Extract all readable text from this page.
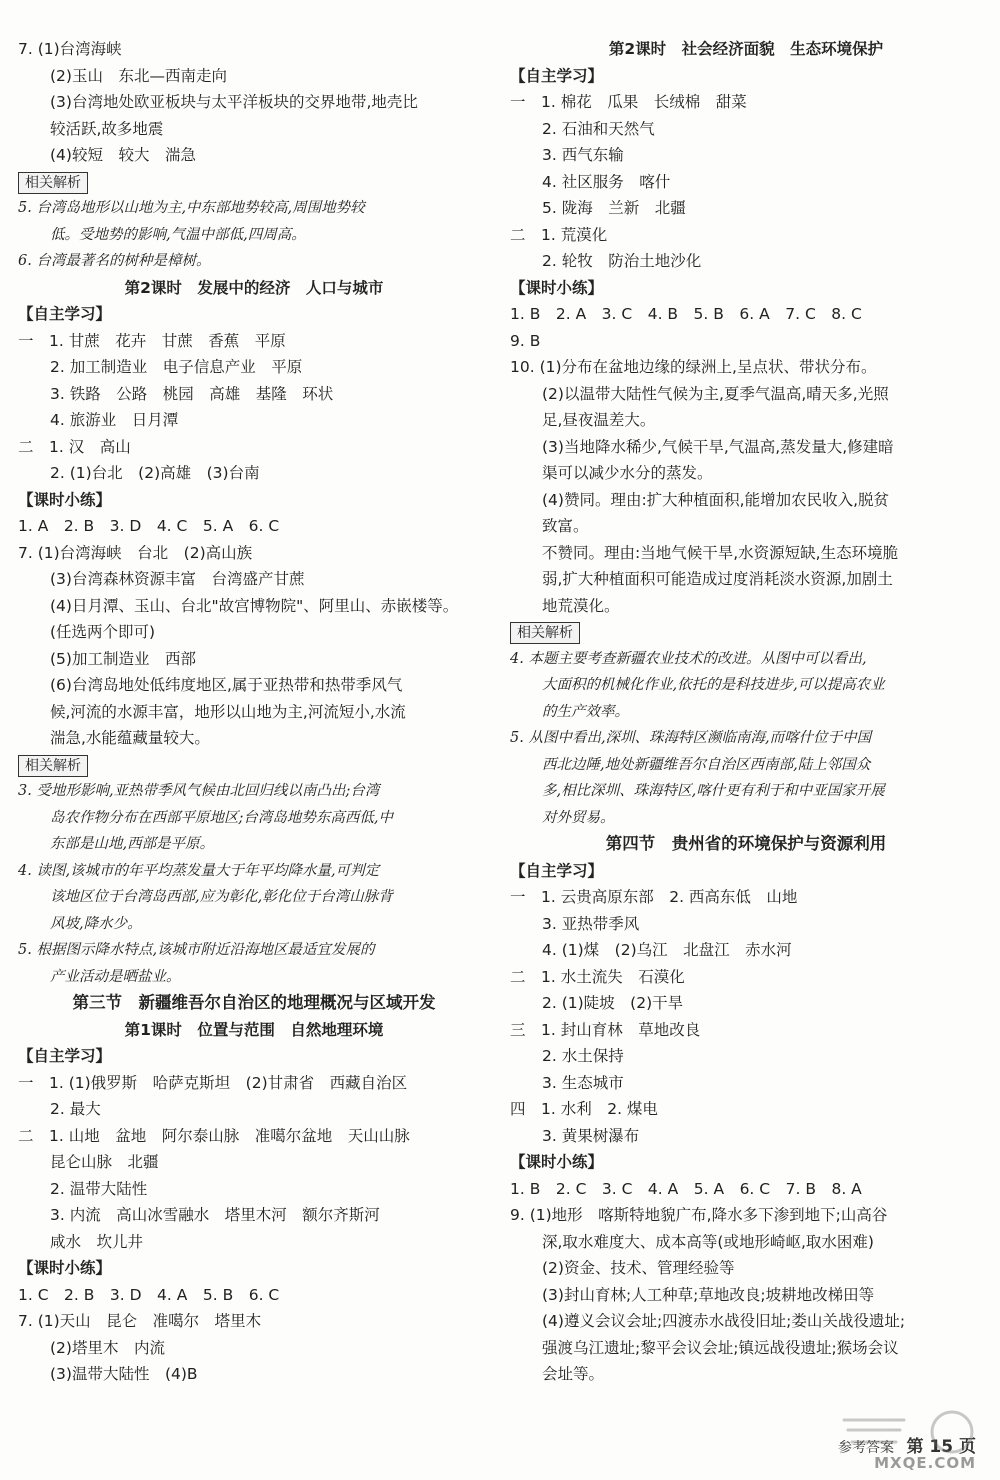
7. (1)台湾海峡
(2)玉山　东北—西南走向
(3)台湾地处欧亚板块与太平洋板块的交界地带,地壳比
较活跃,故多地震
(4)较短　较大　湍急
相关解析
5. 台湾岛地形以山地为主,中东部地势较高,周围地势较
低。受地势的影响,气温中部低,四周高。
6. 台湾最著名的树种是樟树。
第2课时　发展中的经济　人口与城市
【自主学习】
一　1. 甘蔗　花卉　甘蔗　香蕉　平原
2. 加工制造业　电子信息产业　平原
3. 铁路　公路　桃园　高雄　基隆　环状
4. 旅游业　日月潭
二　1. 汉　高山
2. (1)台北　(2)高雄　(3)台南
【课时小练】
1. A　2. B　3. D　4. C　5. A　6. C
7. (1)台湾海峡　台北　(2)高山族
(3)台湾森林资源丰富　台湾盛产甘蔗
(4)日月潭、玉山、台北"故宫博物院"、阿里山、赤嵌楼等。
(任选两个即可)
(5)加工制造业　西部
(6)台湾岛地处低纬度地区,属于亚热带和热带季风气
候,河流的水源丰富，地形以山地为主,河流短小,水流
湍急,水能蕴藏量较大。
相关解析
3. 受地形影响,亚热带季风气候由北回归线以南凸出;台湾
岛农作物分布在西部平原地区;台湾岛地势东高西低,中
东部是山地,西部是平原。
4. 读图,该城市的年平均蒸发量大于年平均降水量,可判定
该地区位于台湾岛西部,应为彰化,彰化位于台湾山脉背
风坡,降水少。
5. 根据图示降水特点,该城市附近沿海地区最适宜发展的
产业活动是晒盐业。
第三节　新疆维吾尔自治区的地理概况与区域开发
第1课时　位置与范围　自然地理环境
【自主学习】
一　1. (1)俄罗斯　哈萨克斯坦　(2)甘肃省　西藏自治区
2. 最大
二　1. 山地　盆地　阿尔泰山脉　准噶尔盆地　天山山脉
昆仑山脉　北疆
2. 温带大陆性
3. 内流　高山冰雪融水　塔里木河　额尔齐斯河
咸水　坎儿井
【课时小练】
1. C　2. B　3. D　4. A　5. B　6. C
7. (1)天山　昆仑　准噶尔　塔里木
(2)塔里木　内流
(3)温带大陆性　(4)B
第2课时　社会经济面貌　生态环境保护
【自主学习】
一　1. 棉花　瓜果　长绒棉　甜菜
2. 石油和天然气
3. 西气东输
4. 社区服务　喀什
5. 陇海　兰新　北疆
二　1. 荒漠化
2. 轮牧　防治土地沙化
【课时小练】
1. B　2. A　3. C　4. B　5. B　6. A　7. C　8. C
9. B
10. (1)分布在盆地边缘的绿洲上,呈点状、带状分布。
(2)以温带大陆性气候为主,夏季气温高,晴天多,光照
足,昼夜温差大。
(3)当地降水稀少,气候干旱,气温高,蒸发量大,修建暗
渠可以减少水分的蒸发。
(4)赞同。理由:扩大种植面积,能增加农民收入,脱贫
致富。
不赞同。理由:当地气候干旱,水资源短缺,生态环境脆
弱,扩大种植面积可能造成过度消耗淡水资源,加剧土
地荒漠化。
相关解析
4. 本题主要考查新疆农业技术的改进。从图中可以看出,
大面积的机械化作业,依托的是科技进步,可以提高农业
的生产效率。
5. 从图中看出,深圳、珠海特区濒临南海,而喀什位于中国
西北边陲,地处新疆维吾尔自治区西南部,陆上邻国众
多,相比深圳、珠海特区,喀什更有利于和中亚国家开展
对外贸易。
第四节　贵州省的环境保护与资源利用
【自主学习】
一　1. 云贵高原东部　2. 西高东低　山地
3. 亚热带季风
4. (1)煤　(2)乌江　北盘江　赤水河
二　1. 水土流失　石漠化
2. (1)陡坡　(2)干旱
三　1. 封山育林　草地改良
2. 水土保持
3. 生态城市
四　1. 水利　2. 煤电
3. 黄果树瀑布
【课时小练】
1. B　2. C　3. C　4. A　5. A　6. C　7. B　8. A
9. (1)地形　喀斯特地貌广布,降水多下渗到地下;山高谷
深,取水难度大、成本高等(或地形崎岖,取水困难)
(2)资金、技术、管理经验等
(3)封山育林;人工种草;草地改良;坡耕地改梯田等
(4)遵义会议会址;四渡赤水战役旧址;娄山关战役遗址;
强渡乌江遗址;黎平会议会址;镇远战役遗址;猴场会议
会址等。
参考答案 第 15 页
MXQE.COM
